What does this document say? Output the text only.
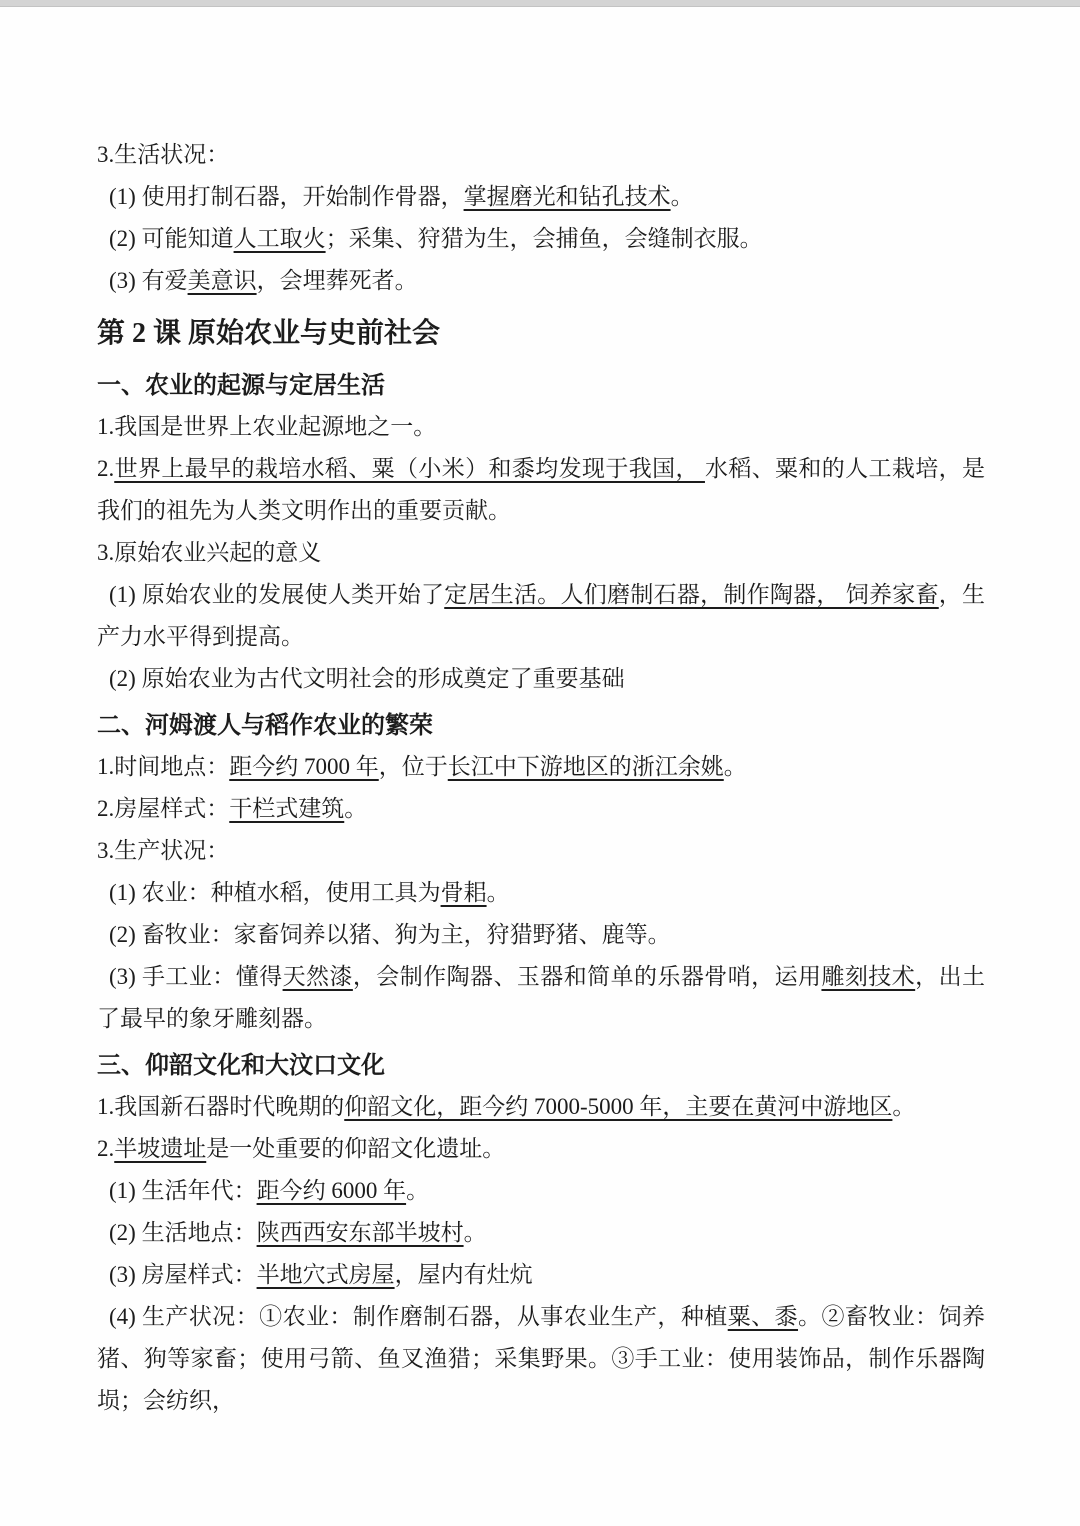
3.生活状况：

(1) 使用打制石器，开始制作骨器，掌握磨光和钻孔技术。

(2) 可能知道人工取火；采集、狩猎为生，会捕鱼，会缝制衣服。

(3) 有爱美意识，会埋葬死者。

第 2 课 原始农业与史前社会
一、农业的起源与定居生活

1.我国是世界上农业起源地之一。

2.世界上最早的栽培水稻、粟（小米）和黍均发现于我国， 水稻、粟和的人工栽培，是我们的祖先为人类文明作出的重要贡献。

3.原始农业兴起的意义

(1) 原始农业的发展使人类开始了定居生活。人们磨制石器，制作陶器， 饲养家畜，生产力水平得到提高。

(2) 原始农业为古代文明社会的形成奠定了重要基础

二、河姆渡人与稻作农业的繁荣

1.时间地点：距今约 7000 年，位于长江中下游地区的浙江余姚。

2.房屋样式：干栏式建筑。

3.生产状况：

(1) 农业：种植水稻，使用工具为骨耜。

(2) 畜牧业：家畜饲养以猪、狗为主，狩猎野猪、鹿等。

(3) 手工业：懂得天然漆，会制作陶器、玉器和简单的乐器骨哨，运用雕刻技术，出土了最早的象牙雕刻器。

三、仰韶文化和大汶口文化

1.我国新石器时代晚期的仰韶文化，距今约 7000-5000 年，主要在黄河中游地区。

2.半坡遗址是一处重要的仰韶文化遗址。

(1) 生活年代：距今约 6000 年。

(2) 生活地点：陕西西安东部半坡村。

(3) 房屋样式：半地穴式房屋，屋内有灶炕

(4) 生产状况：①农业：制作磨制石器，从事农业生产，种植粟、黍。②畜牧业：饲养猪、狗等家畜；使用弓箭、鱼叉渔猎；采集野果。③手工业：使用装饰品，制作乐器陶埙；会纺织，
